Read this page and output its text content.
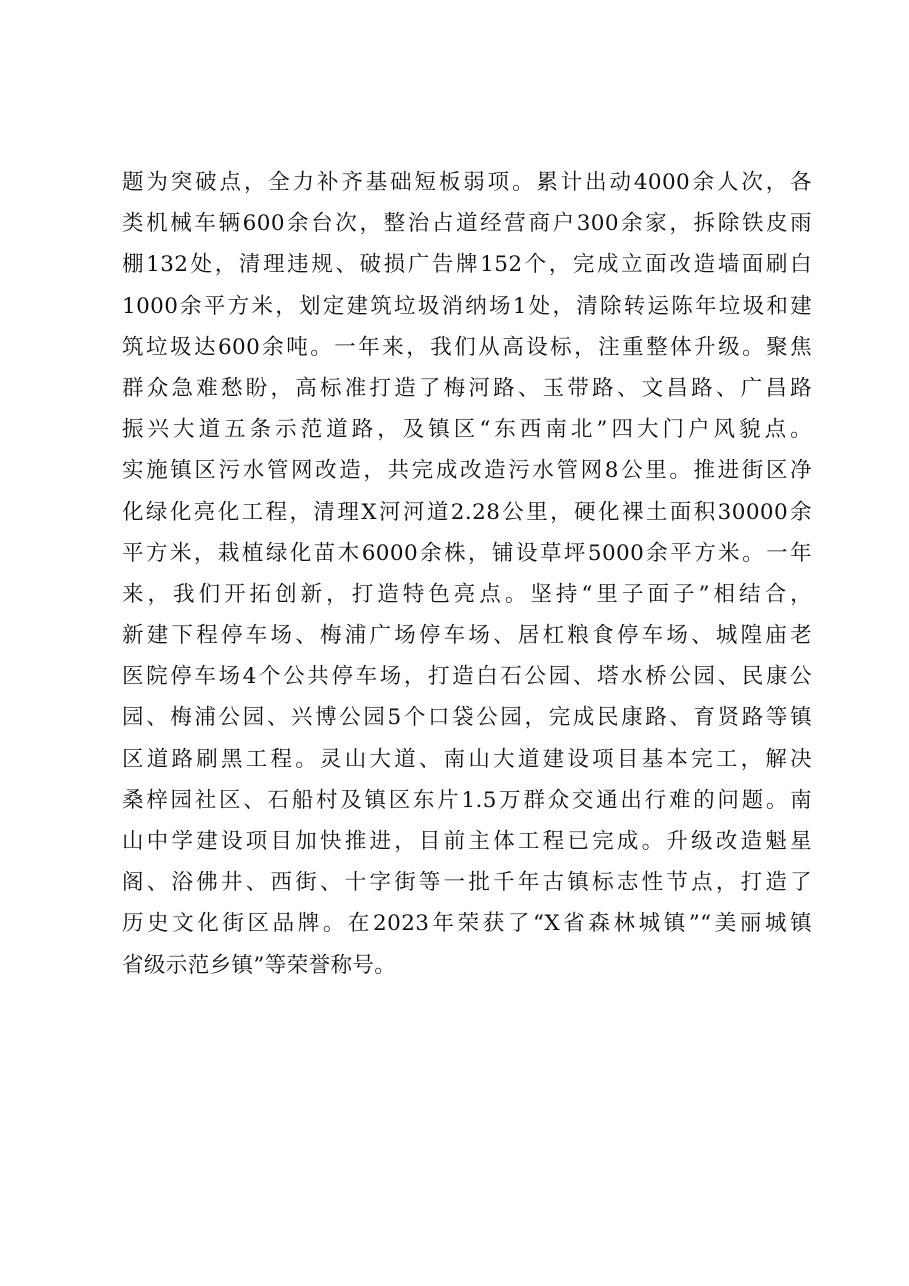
题为突破点，全力补齐基础短板弱项。累计出动4000余人次，各
类机械车辆600余台次，整治占道经营商户300余家，拆除铁皮雨
棚132处，清理违规、破损广告牌152个，完成立面改造墙面刷白
1000余平方米，划定建筑垃圾消纳场1处，清除转运陈年垃圾和建
筑垃圾达600余吨。一年来，我们从高设标，注重整体升级。聚焦
群众急难愁盼，高标准打造了梅河路、玉带路、文昌路、广昌路
振兴大道五条示范道路，及镇区“东西南北”四大门户风貌点。
实施镇区污水管网改造，共完成改造污水管网8公里。推进街区净
化绿化亮化工程，清理X河河道2.28公里，硬化裸土面积30000余
平方米，栽植绿化苗木6000余株，铺设草坪5000余平方米。一年
来，我们开拓创新，打造特色亮点。坚持“里子面子”相结合，
新建下程停车场、梅浦广场停车场、居杠粮食停车场、城隍庙老
医院停车场4个公共停车场，打造白石公园、塔水桥公园、民康公
园、梅浦公园、兴博公园5个口袋公园，完成民康路、育贤路等镇
区道路刷黑工程。灵山大道、南山大道建设项目基本完工，解决
桑梓园社区、石船村及镇区东片1.5万群众交通出行难的问题。南
山中学建设项目加快推进，目前主体工程已完成。升级改造魁星
阁、浴佛井、西街、十字街等一批千年古镇标志性节点，打造了
历史文化街区品牌。在2023年荣获了“X省森林城镇”“美丽城镇
省级示范乡镇”等荣誉称号。
